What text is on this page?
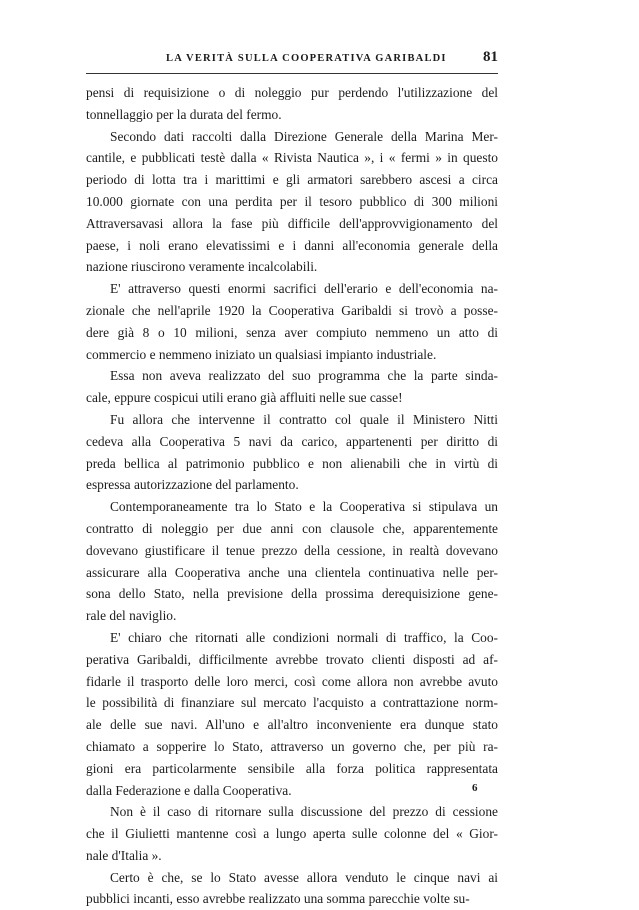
LA VERITÀ SULLA COOPERATIVA GARIBALDI 81
pensi di requisizione o di noleggio pur perdendo l'utilizzazione del
tonnellaggio per la durata del fermo.
Secondo dati raccolti dalla Direzione Generale della Marina Mer-
cantile, e pubblicati testè dalla « Rivista Nautica », i « fermi » in questo
periodo di lotta tra i marittimi e gli armatori sarebbero ascesi a circa
10.000 giornate con una perdita per il tesoro pubblico di 300 milioni
Attraversavasi allora la fase più difficile dell'approvvigionamento del
paese, i noli erano elevatissimi e i danni all'economia generale della
nazione riuscirono veramente incalcolabili.
E' attraverso questi enormi sacrifici dell'erario e dell'economia na-
zionale che nell'aprile 1920 la Cooperativa Garibaldi si trovò a posse-
dere già 8 o 10 milioni, senza aver compiuto nemmeno un atto di
commercio e nemmeno iniziato un qualsiasi impianto industriale.
Essa non aveva realizzato del suo programma che la parte sinda-
cale, eppure cospicui utili erano già affluiti nelle sue casse!
Fu allora che intervenne il contratto col quale il Ministero Nitti
cedeva alla Cooperativa 5 navi da carico, appartenenti per diritto di
preda bellica al patrimonio pubblico e non alienabili che in virtù di
espressa autorizzazione del parlamento.
Contemporaneamente tra lo Stato e la Cooperativa si stipulava un
contratto di noleggio per due anni con clausole che, apparentemente
dovevano giustificare il tenue prezzo della cessione, in realtà dovevano
assicurare alla Cooperativa anche una clientela continuativa nelle per-
sona dello Stato, nella previsione della prossima derequisizione gene-
rale del naviglio.
E' chiaro che ritornati alle condizioni normali di traffico, la Coo-
perativa Garibaldi, difficilmente avrebbe trovato clienti disposti ad af-
fidarle il trasporto delle loro merci, così come allora non avrebbe avuto
le possibilità di finanziare sul mercato l'acquisto a contrattazione norm-
ale delle sue navi. All'uno e all'altro inconveniente era dunque stato
chiamato a sopperire lo Stato, attraverso un governo che, per più ra-
gioni era particolarmente sensibile alla forza politica rappresentata
dalla Federazione e dalla Cooperativa.
Non è il caso di ritornare sulla discussione del prezzo di cessione
che il Giulietti mantenne così a lungo aperta sulle colonne del « Gior-
nale d'Italia ».
Certo è che, se lo Stato avesse allora venduto le cinque navi ai
pubblici incanti, esso avrebbe realizzato una somma parecchie volte su-
6
